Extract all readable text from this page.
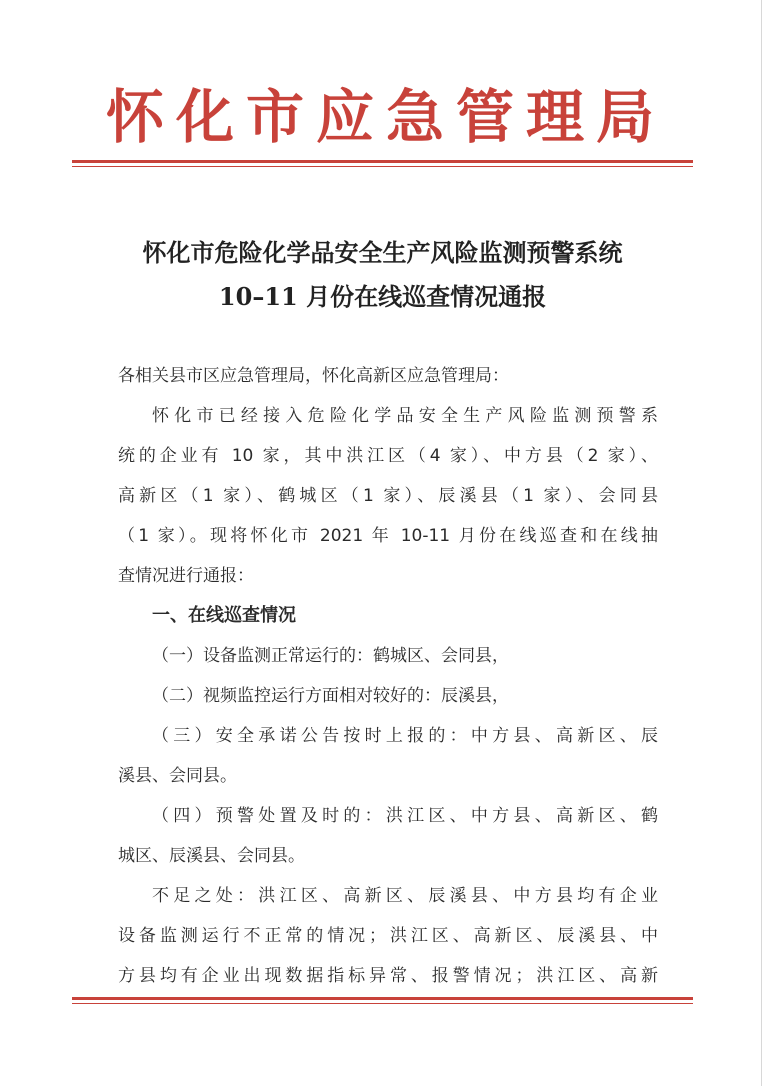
怀化市应急管理局
怀化市危险化学品安全生产风险监测预警系统
10–11 月份在线巡查情况通报
各相关县市区应急管理局，怀化高新区应急管理局：
怀化市已经接入危险化学品安全生产风险监测预警系
统的企业有 10 家，其中洪江区（4 家）、中方县（2 家）、
高新区（1 家）、鹤城区（1 家）、辰溪县（1 家）、会同县
（1 家）。现将怀化市 2021 年 10-11 月份在线巡查和在线抽
查情况进行通报：
一、在线巡查情况
（一）设备监测正常运行的：鹤城区、会同县，
（二）视频监控运行方面相对较好的：辰溪县，
（三）安全承诺公告按时上报的：中方县、高新区、辰
溪县、会同县。
（四）预警处置及时的：洪江区、中方县、高新区、鹤
城区、辰溪县、会同县。
不足之处：洪江区、高新区、辰溪县、中方县均有企业
设备监测运行不正常的情况；洪江区、高新区、辰溪县、中
方县均有企业出现数据指标异常、报警情况；洪江区、高新
